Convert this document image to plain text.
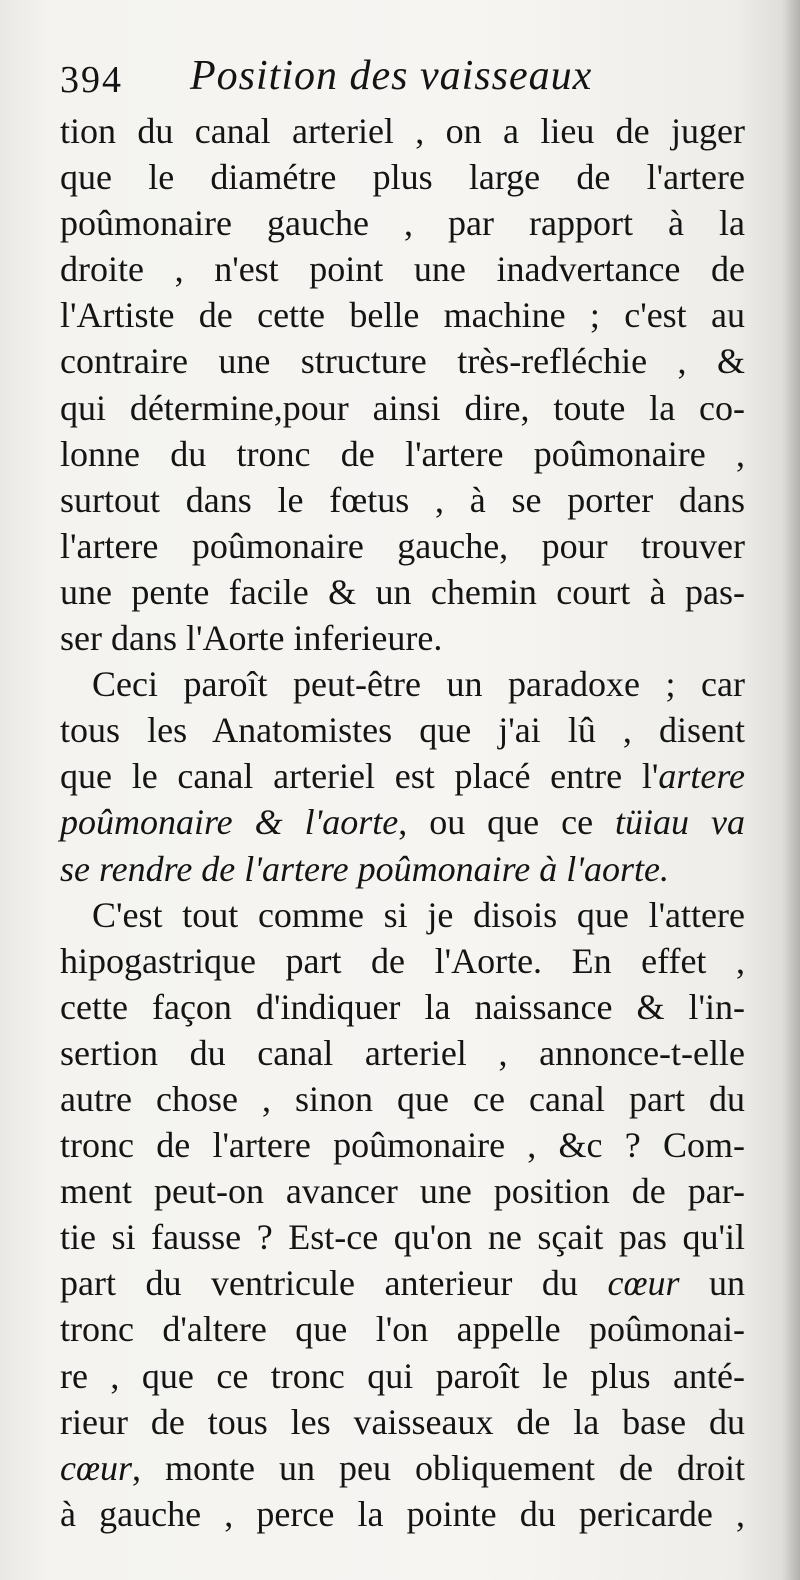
394 Position des vaisseaux
tion du canal arteriel , on a lieu de juger
que le diamétre plus large de l'artere
poûmonaire gauche , par rapport à la
droite , n'est point une inadvertance de
l'Artiste de cette belle machine ; c'est au
contraire une structure très-refléchie , &
qui détermine,pour ainsi dire, toute la co-
lonne du tronc de l'artere poûmonaire ,
surtout dans le fœtus , à se porter dans
l'artere poûmonaire gauche, pour trouver
une pente facile & un chemin court à pas-
ser dans l'Aorte inferieure.
Ceci paroît peut-être un paradoxe ; car
tous les Anatomistes que j'ai lû , disent
que le canal arteriel est placé entre l'artere
poûmonaire & l'aorte, ou que ce tüiau va
se rendre de l'artere poûmonaire à l'aorte.
C'est tout comme si je disois que l'attere
hipogastrique part de l'Aorte. En effet ,
cette façon d'indiquer la naissance & l'in-
sertion du canal arteriel , annonce-t-elle
autre chose , sinon que ce canal part du
tronc de l'artere poûmonaire , &c ? Com-
ment peut-on avancer une position de par-
tie si fausse ? Est-ce qu'on ne sçait pas qu'il
part du ventricule anterieur du cœur un
tronc d'altere que l'on appelle poûmonai-
re , que ce tronc qui paroît le plus anté-
rieur de tous les vaisseaux de la base du
cœur, monte un peu obliquement de droit
à gauche , perce la pointe du pericarde ,
